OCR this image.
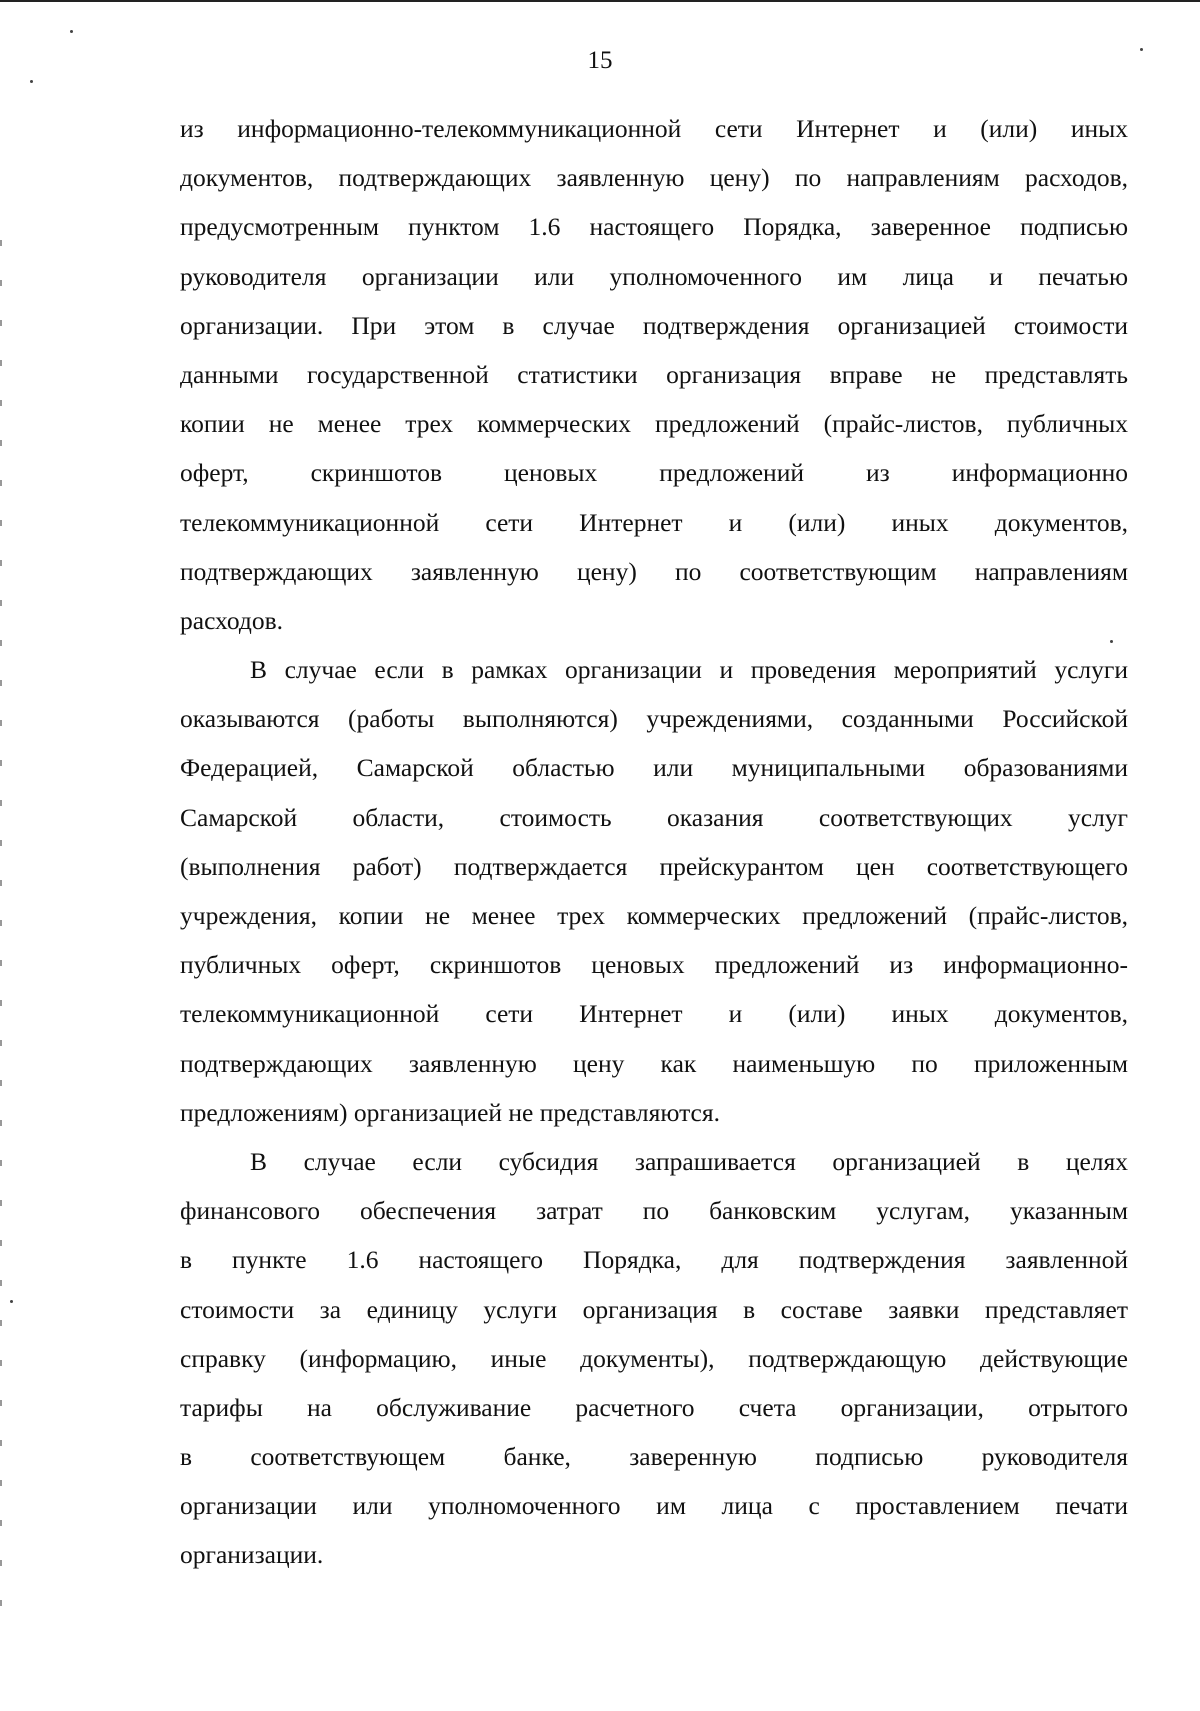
15
из информационно-телекоммуникационной сети Интернет и (или) иных
документов, подтверждающих заявленную цену) по направлениям расходов,
предусмотренным пунктом 1.6 настоящего Порядка, заверенное подписью
руководителя организации или уполномоченного им лица и печатью
организации. При этом в случае подтверждения организацией стоимости
данными государственной статистики организация вправе не представлять
копии не менее трех коммерческих предложений (прайс-листов, публичных
оферт, скриншотов ценовых предложений из информационно
телекоммуникационной сети Интернет и (или) иных документов,
подтверждающих заявленную цену) по соответствующим направлениям
расходов.
В случае если в рамках организации и проведения мероприятий услуги
оказываются (работы выполняются) учреждениями, созданными Российской
Федерацией, Самарской областью или муниципальными образованиями
Самарской области, стоимость оказания соответствующих услуг
(выполнения работ) подтверждается прейскурантом цен соответствующего
учреждения, копии не менее трех коммерческих предложений (прайс-листов,
публичных оферт, скриншотов ценовых предложений из информационно-
телекоммуникационной сети Интернет и (или) иных документов,
подтверждающих заявленную цену как наименьшую по приложенным
предложениям) организацией не представляются.
В случае если субсидия запрашивается организацией в целях
финансового обеспечения затрат по банковским услугам, указанным
в пункте 1.6 настоящего Порядка, для подтверждения заявленной
стоимости за единицу услуги организация в составе заявки представляет
справку (информацию, иные документы), подтверждающую действующие
тарифы на обслуживание расчетного счета организации, отрытого
в соответствующем банке, заверенную подписью руководителя
организации или уполномоченного им лица с проставлением печати
организации.
